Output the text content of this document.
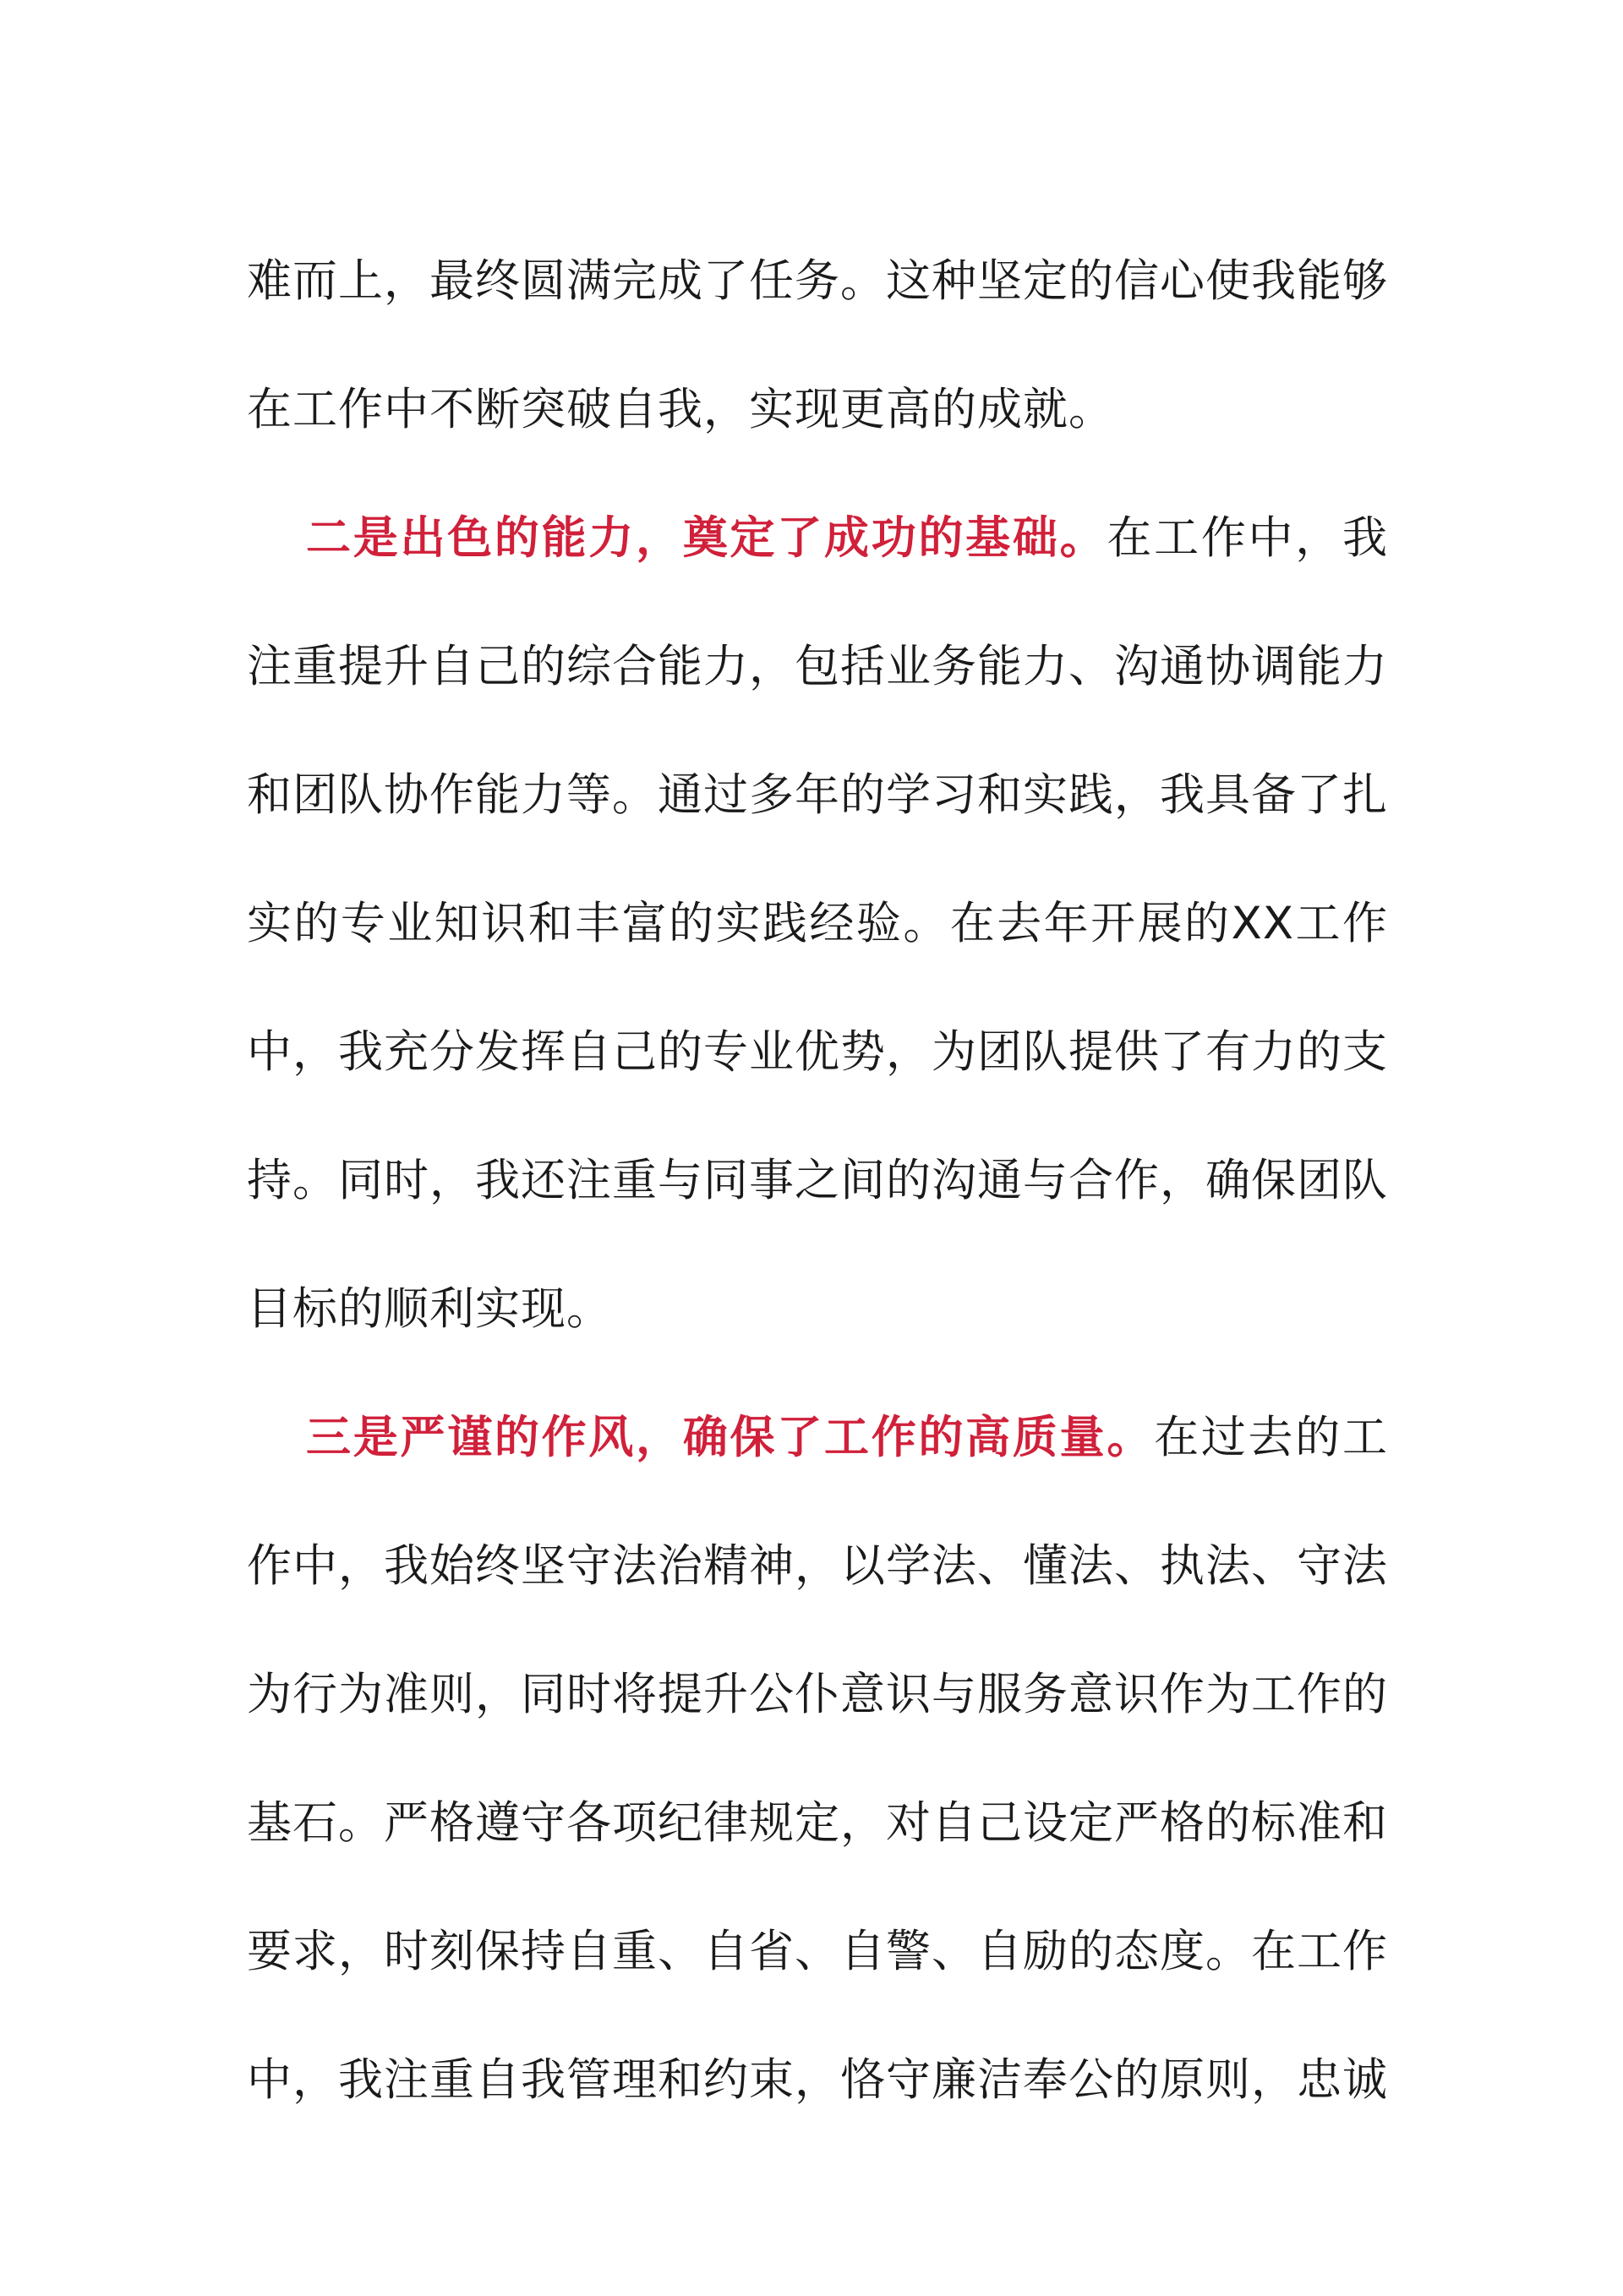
难而上，最终圆满完成了任务。这种坚定的信心使我能够在工作中不断突破自我，实现更高的成就。

二是出色的能力，奠定了成功的基础。在工作中，我注重提升自己的综合能力，包括业务能力、沟通协调能力和团队协作能力等。通过多年的学习和实践，我具备了扎实的专业知识和丰富的实践经验。在去年开展的XX工作中，我充分发挥自己的专业优势，为团队提供了有力的支持。同时，我还注重与同事之间的沟通与合作，确保团队目标的顺利实现。

三是严谨的作风，确保了工作的高质量。在过去的工作中，我始终坚守法治精神，以学法、懂法、执法、守法为行为准则，同时将提升公仆意识与服务意识作为工作的基石。严格遵守各项纪律规定，对自己设定严格的标准和要求，时刻保持自重、自省、自警、自励的态度。在工作中，我注重自我管理和约束，恪守廉洁奉公的原则，忠诚
